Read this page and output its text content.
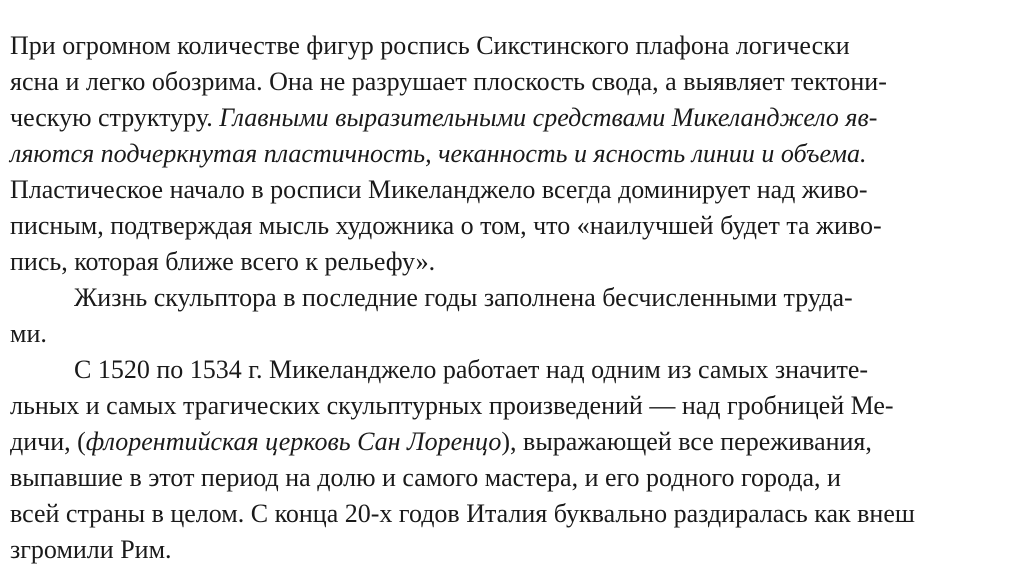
При огромном количестве фигур роспись Сикстинского плафона логически
ясна и легко обозрима. Она не разрушает плоскость свода, а выявляет тектони-
ческую структуру. Главными выразительными средствами Микеланджело яв-
ляются подчеркнутая пластичность, чеканность и ясность линии и объема.
Пластическое начало в росписи Микеланджело всегда доминирует над живо-
писным, подтверждая мысль художника о том, что «наилучшей будет та живо-
пись, которая ближе всего к рельефу».
Жизнь скульптора в последние годы заполнена бесчисленными труда-
ми.
С 1520 по 1534 г. Микеланджело работает над одним из самых значите-
льных и самых трагических скульптурных произведений — над гробницей Ме-
дичи, (флорентийская церковь Сан Лоренцо), выражающей все переживания,
выпавшие в этот период на долю и самого мастера, и его родного города, и
всей страны в целом. С конца 20-х годов Италия буквально раздиралась как внеш
згромили Рим.
